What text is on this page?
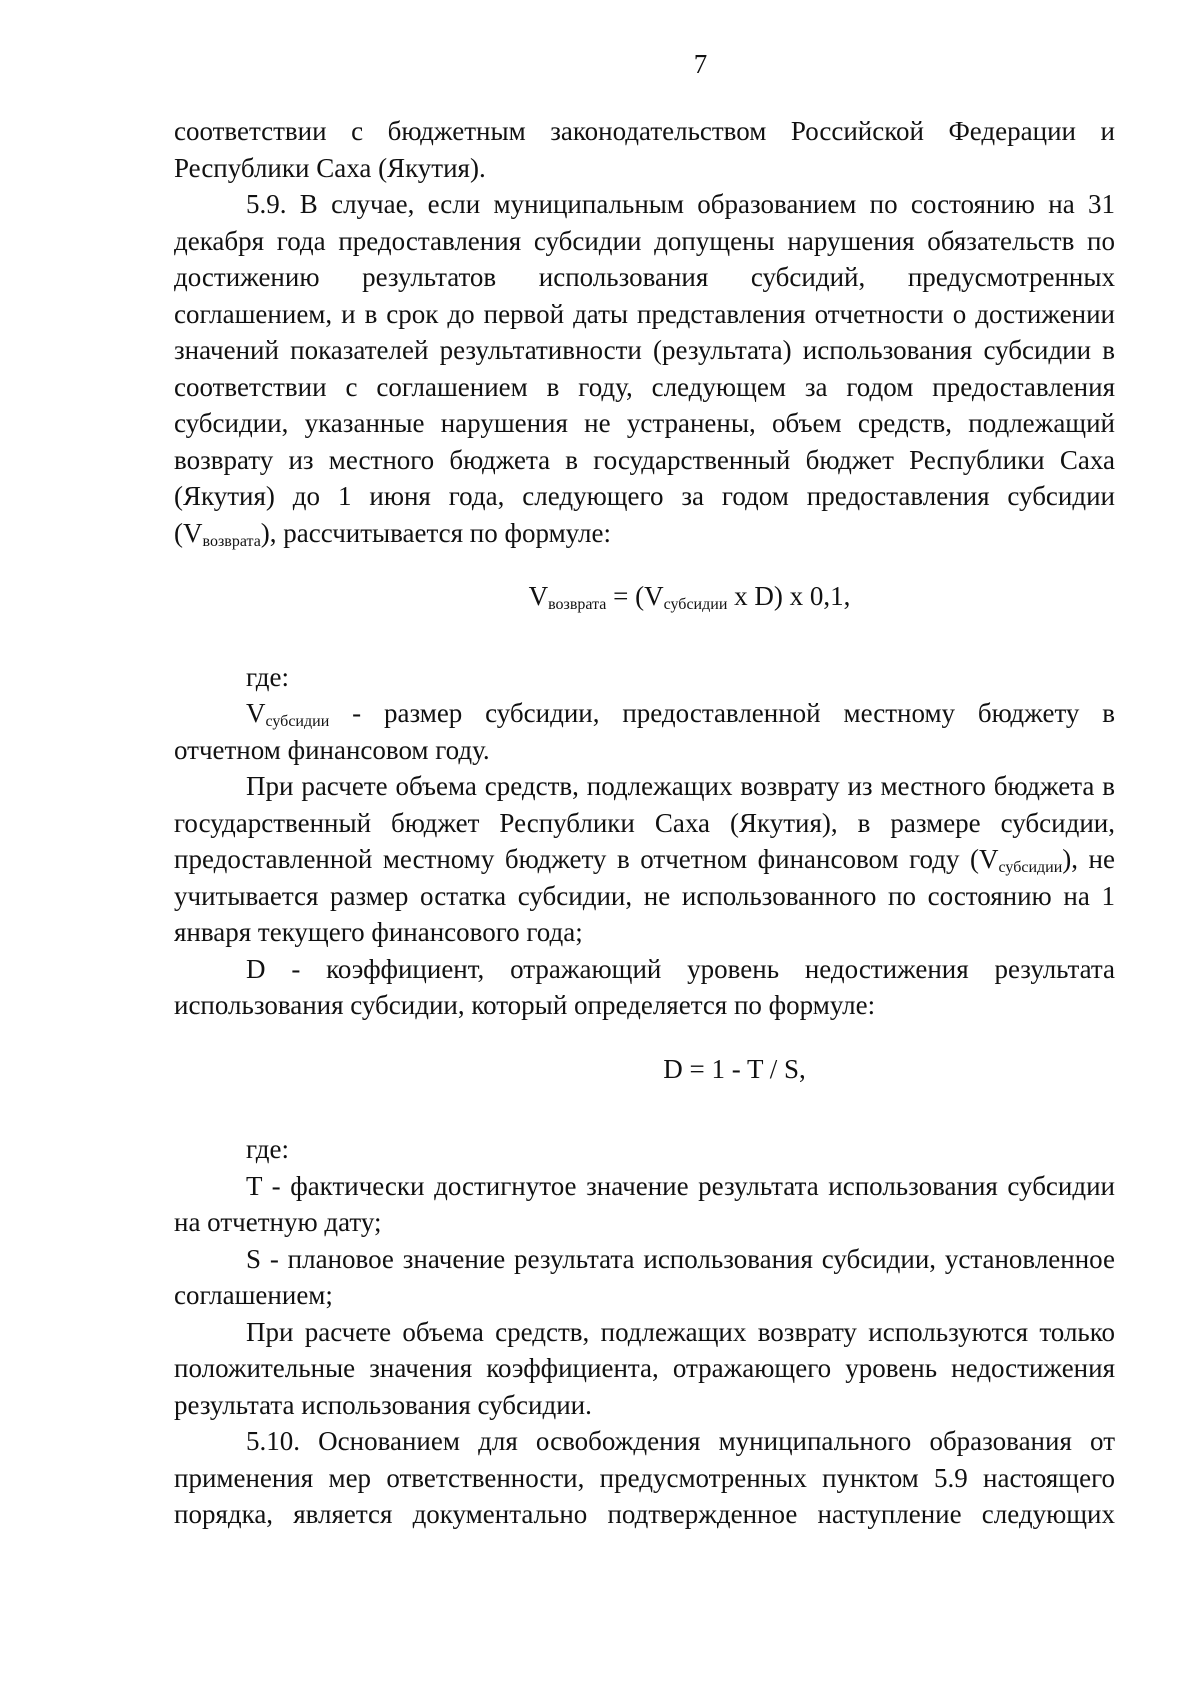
7

соответствии с бюджетным законодательством Российской Федерации и Республики Саха (Якутия).

5.9. В случае, если муниципальным образованием по состоянию на 31 декабря года предоставления субсидии допущены нарушения обязательств по достижению результатов использования субсидий, предусмотренных соглашением, и в срок до первой даты представления отчетности о достижении значений показателей результативности (результата) использования субсидии в соответствии с соглашением в году, следующем за годом предоставления субсидии, указанные нарушения не устранены, объем средств, подлежащий возврату из местного бюджета в государственный бюджет Республики Саха (Якутия) до 1 июня года, следующего за годом предоставления субсидии $(V_{возврата})$, рассчитывается по формуле:

$V_{возврата} = (V_{субсидии}$ x D) x 0,1,

где:

$V_{субсидии}$ - размер субсидии, предоставленной местному бюджету в отчетном финансовом году.

При расчете объема средств, подлежащих возврату из местного бюджета в государственный бюджет Республики Саха (Якутия), в размере субсидии, предоставленной местному бюджету в отчетном финансовом году $(V_{субсидии})$, не учитывается размер остатка субсидии, не использованного по состоянию на 1 января текущего финансового года;

D - коэффициент, отражающий уровень недостижения результата использования субсидии, который определяется по формуле:

D = 1 - T / S,

где:

T - фактически достигнутое значение результата использования субсидии на отчетную дату;

S - плановое значение результата использования субсидии, установленное соглашением;

При расчете объема средств, подлежащих возврату используются только положительные значения коэффициента, отражающего уровень недостижения результата использования субсидии.

5.10. Основанием для освобождения муниципального образования от применения мер ответственности, предусмотренных пунктом 5.9 настоящего порядка, является документально подтвержденное наступление следующих
